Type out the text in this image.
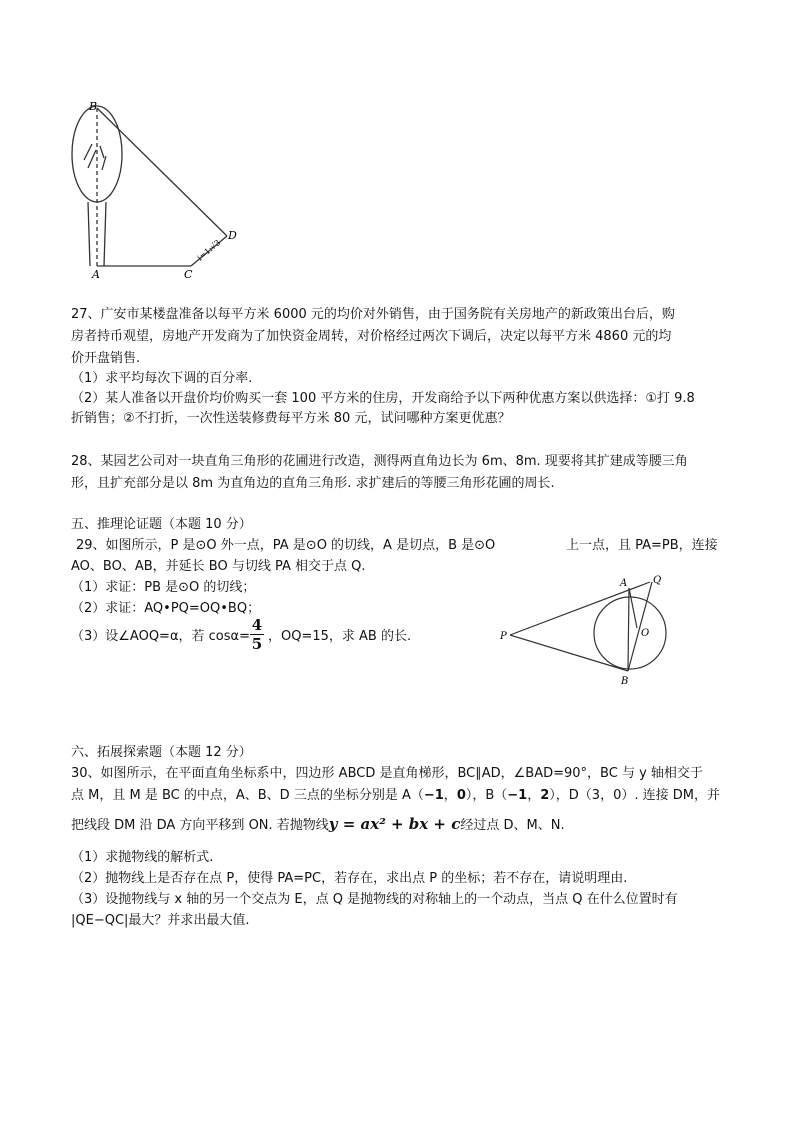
B
A	C
D
i=1:√3
27、广安市某楼盘准备以每平方米 6000 元的均价对外销售，由于国务院有关房地产的新政策出台后，购
房者持币观望，房地产开发商为了加快资金周转，对价格经过两次下调后，决定以每平方米 4860 元的均
价开盘销售.
（1）求平均每次下调的百分率.
（2）某人准备以开盘价均价购买一套 100 平方米的住房，开发商给予以下两种优惠方案以供选择：①打 9.8
折销售；②不打折，一次性送装修费每平方米 80 元，试问哪种方案更优惠？
28、某园艺公司对一块直角三角形的花圃进行改造，测得两直角边长为 6m、8m. 现要将其扩建成等腰三角
形，且扩充部分是以 8m 为直角边的直角三角形. 求扩建后的等腰三角形花圃的周长.
五、推理论证题（本题 10 分）
29、如图所示，P 是⊙O 外一点，PA 是⊙O 的切线，A 是切点，B 是⊙O	上一点，且 PA=PB，连接
AO、BO、AB，并延长 BO 与切线 PA 相交于点 Q.
（1）求证：PB 是⊙O 的切线；
（2）求证：AQ•PQ=OQ•BQ；
（3）设∠AOQ=α，若 cosα=
4
5 ，OQ=15，求 AB 的长.	P
A	Q
O
B
六、拓展探索题（本题 12 分）
30、如图所示，在平面直角坐标系中，四边形 ABCD 是直角梯形，BC∥AD，∠BAD=90°，BC 与 y 轴相交于
点 M，且 M 是 BC 的中点，A、B、D 三点的坐标分别是 A（−1，0），B（−1，2），D（3，0）. 连接 DM，并
把线段 DM 沿 DA 方向平移到 ON. 若抛物线y = ax² + bx + c经过点 D、M、N.
（1）求抛物线的解析式.
（2）抛物线上是否存在点 P，使得 PA=PC，若存在，求出点 P 的坐标；若不存在，请说明理由.
（3）设抛物线与 x 轴的另一个交点为 E，点 Q 是抛物线的对称轴上的一个动点，当点 Q 在什么位置时有
|QE−QC|最大？并求出最大值.
